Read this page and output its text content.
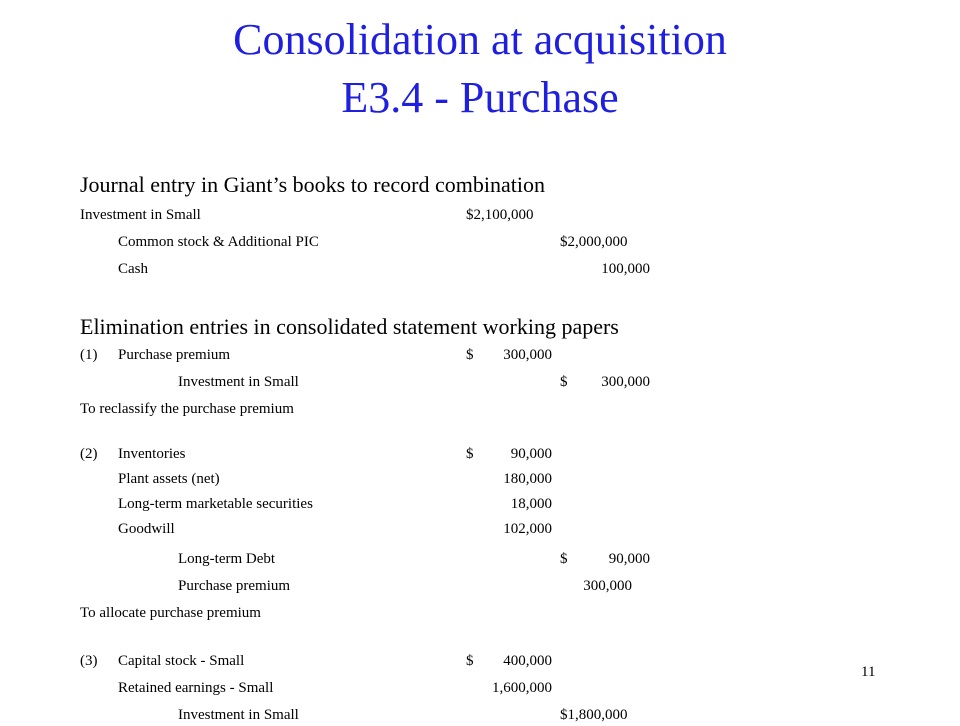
Consolidation at acquisition
E3.4 - Purchase
Journal entry in Giant’s books to record combination
Investment in Small	$2,100,000
Common stock & Additional PIC	$2,000,000
Cash	100,000
Elimination entries in consolidated statement working papers
(1) Purchase premium	$	300,000
Investment in Small	$	300,000
To reclassify the purchase premium
(2) Inventories	$	90,000
Plant assets (net)	180,000
Long-term marketable securities	18,000
Goodwill	102,000
Long-term Debt	$	90,000
Purchase premium	300,000
To allocate purchase premium
(3) Capital stock - Small	$	400,000
Retained earnings - Small	1,600,000
Investment in Small	$1,800,000
11
